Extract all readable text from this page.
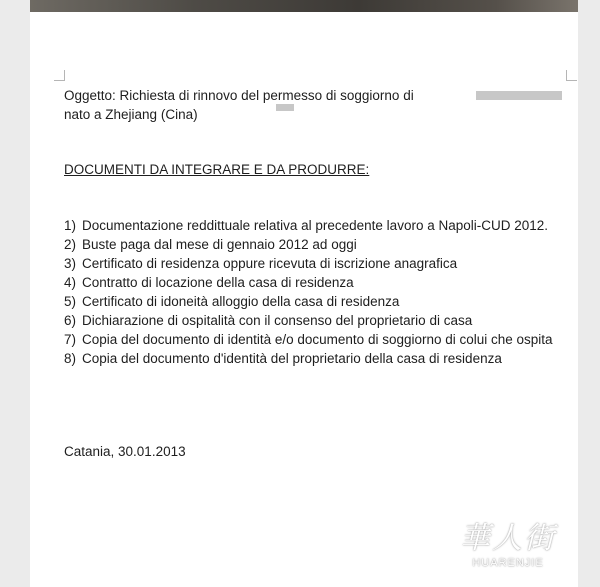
Oggetto: Richiesta di rinnovo del permesso di soggiorno di
nato a Zhejiang (Cina)
DOCUMENTI DA INTEGRARE E DA PRODURRE:
1) Documentazione reddittuale relativa al precedente lavoro a Napoli-CUD 2012.
2) Buste paga dal mese di gennaio 2012 ad oggi
3) Certificato di residenza oppure ricevuta di iscrizione anagrafica
4) Contratto di locazione della casa di residenza
5) Certificato di idoneità alloggio della casa di residenza
6) Dichiarazione di ospitalità con il consenso del proprietario di casa
7) Copia del documento di identità e/o documento di soggiorno di colui che ospita
8) Copia del documento d'identità del proprietario della casa di residenza
Catania, 30.01.2013
華人街
HUARENJIE
